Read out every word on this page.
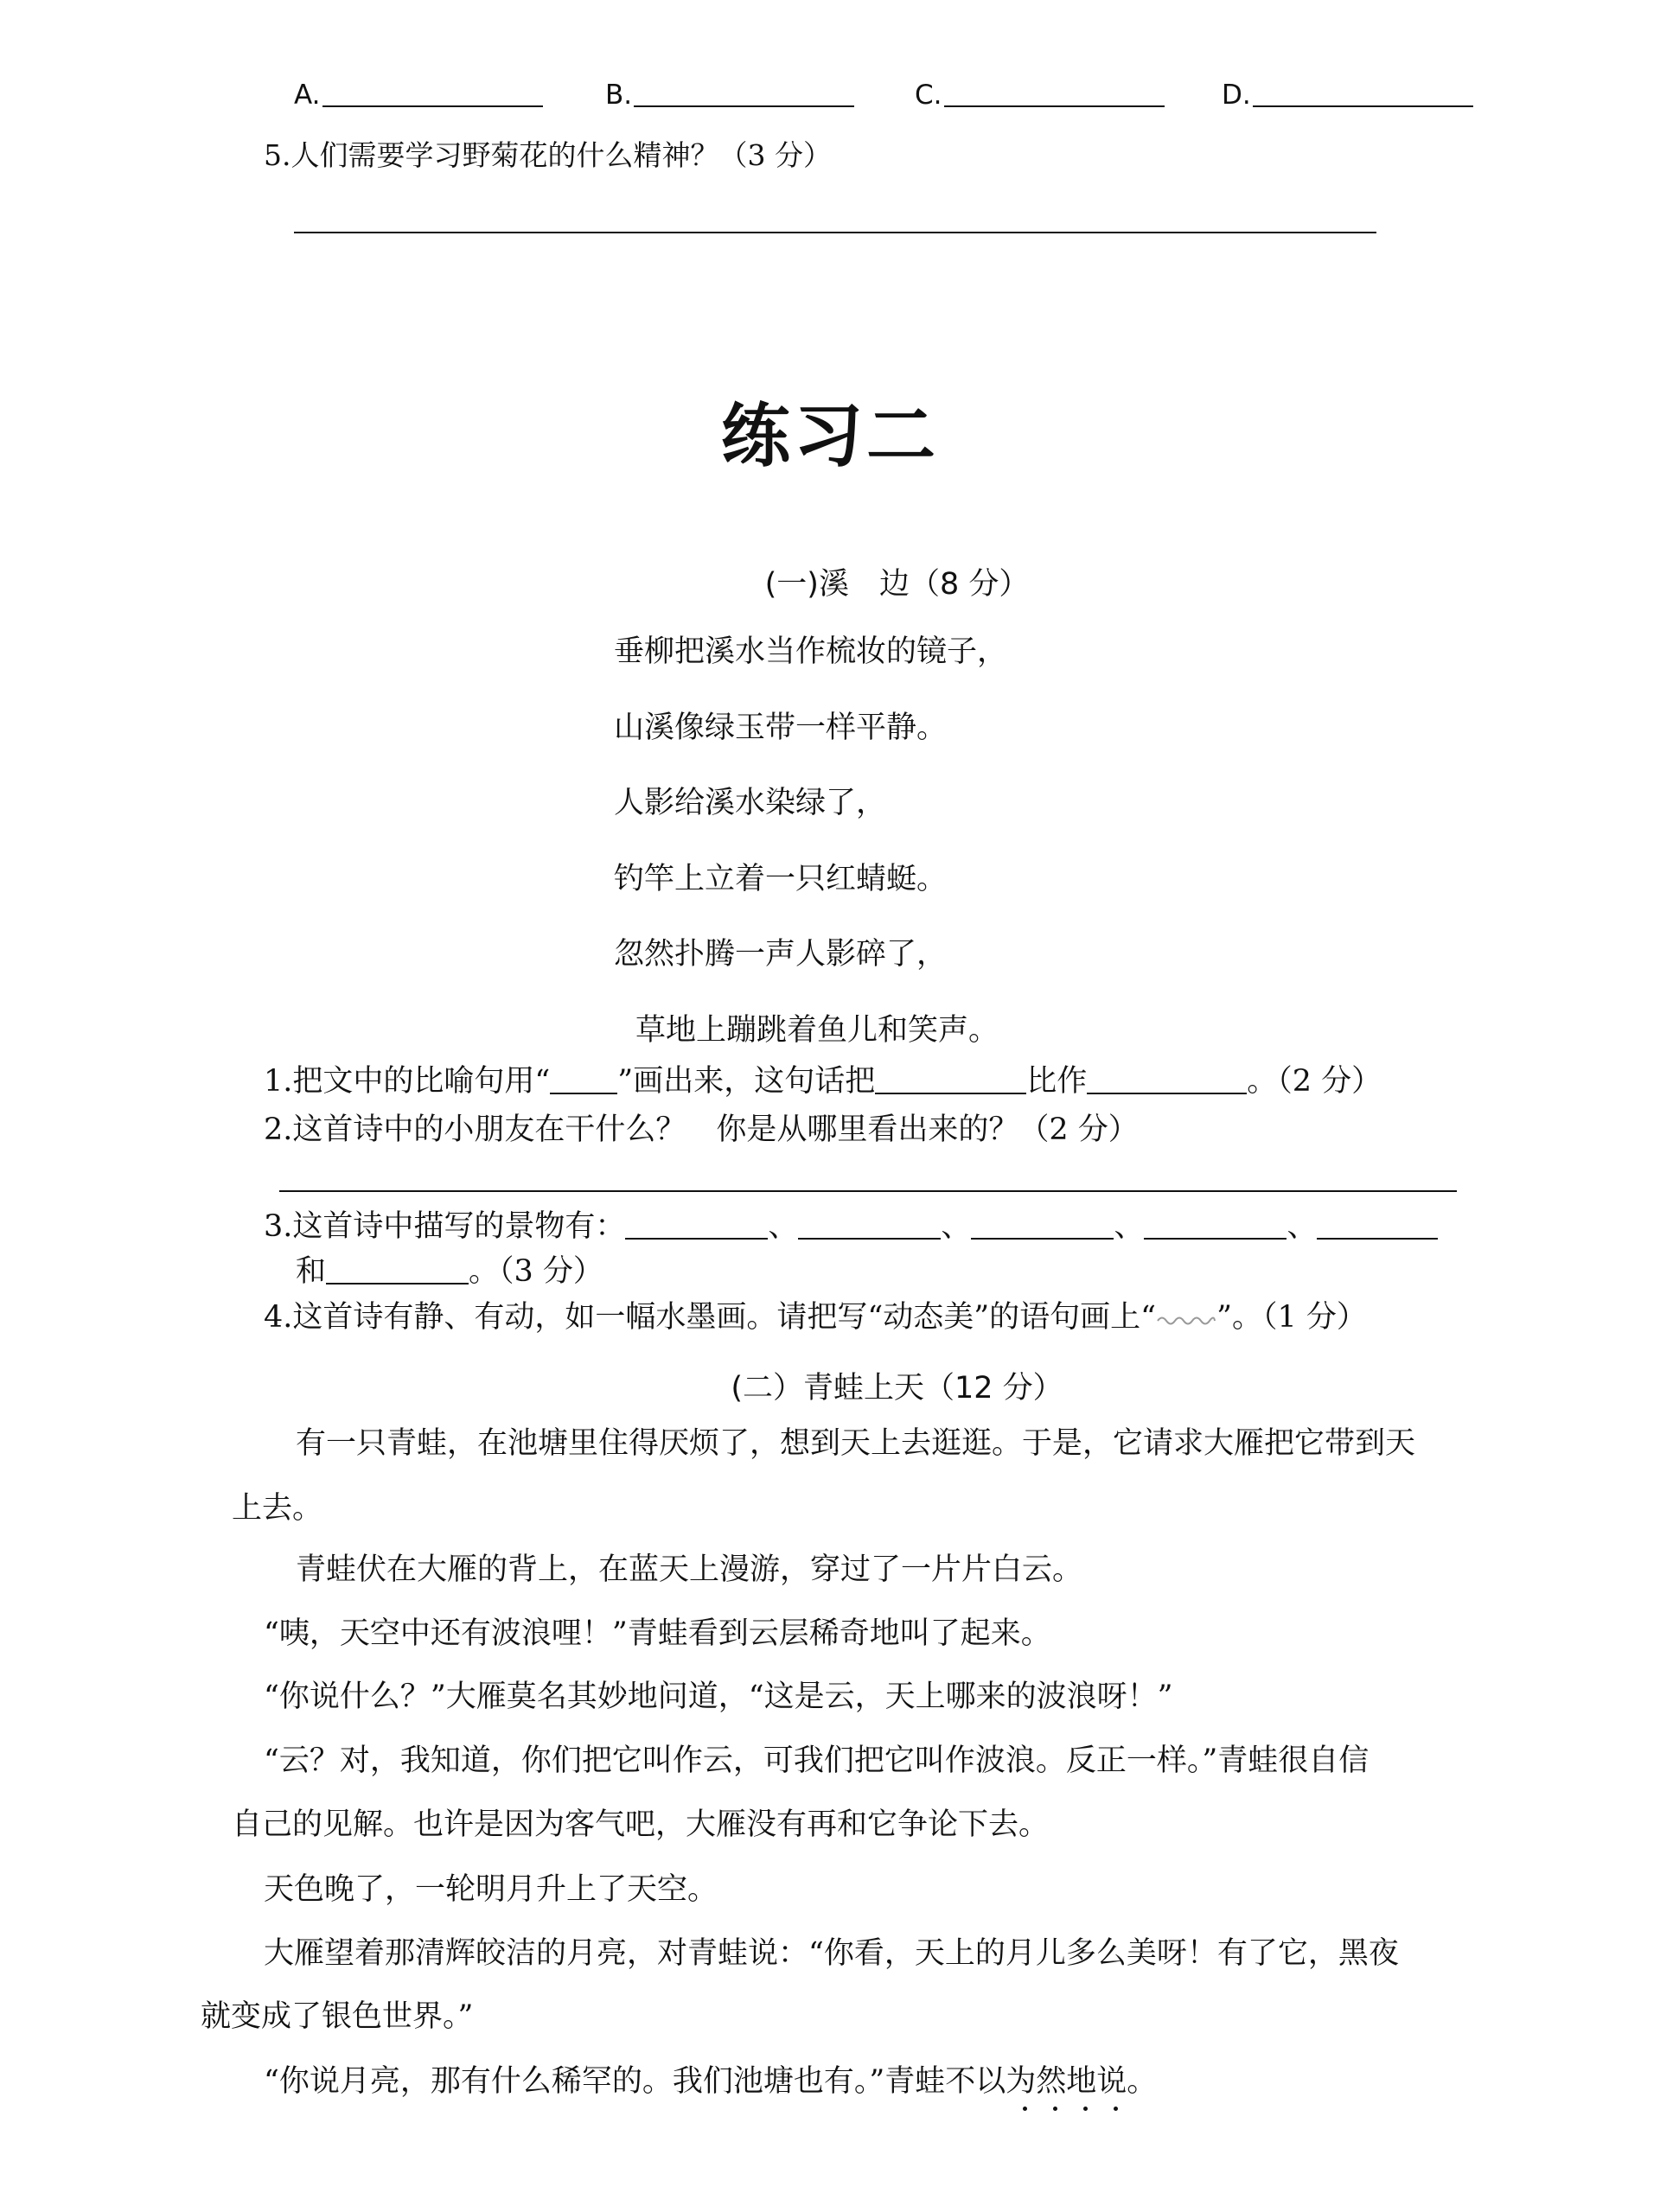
A.	B.	C.	D.
5.人们需要学习野菊花的什么精神？（3 分）
练习二
(一)溪　边（8 分）
垂柳把溪水当作梳妆的镜子，
山溪像绿玉带一样平静。
人影给溪水染绿了，
钓竿上立着一只红蜻蜓。
忽然扑腾一声人影碎了，
草地上蹦跳着鱼儿和笑声。
1.把文中的比喻句用“ ”画出来，这句话把	比作	。（2 分）
2.这首诗中的小朋友在干什么？　你是从哪里看出来的？（2 分）
3.这首诗中描写的景物有：	、	、	、	、
和	。（3 分）
4.这首诗有静、有动，如一幅水墨画。请把写“动态美”的语句画上“ ”。（1 分）
(二）青蛙上天（12 分）
有一只青蛙，在池塘里住得厌烦了，想到天上去逛逛。于是，它请求大雁把它带到天
上去。
青蛙伏在大雁的背上，在蓝天上漫游，穿过了一片片白云。
“咦，天空中还有波浪哩！”青蛙看到云层稀奇地叫了起来。
“你说什么？”大雁莫名其妙地问道，“这是云，天上哪来的波浪呀！”
“云？对，我知道，你们把它叫作云，可我们把它叫作波浪。反正一样。”青蛙很自信
自己的见解。也许是因为客气吧，大雁没有再和它争论下去。
天色晚了，一轮明月升上了天空。
大雁望着那清辉皎洁的月亮，对青蛙说：“你看，天上的月儿多么美呀！有了它，黑夜
就变成了银色世界。”
“你说月亮，那有什么稀罕的。我们池塘也有。”青蛙不以为然地说。
